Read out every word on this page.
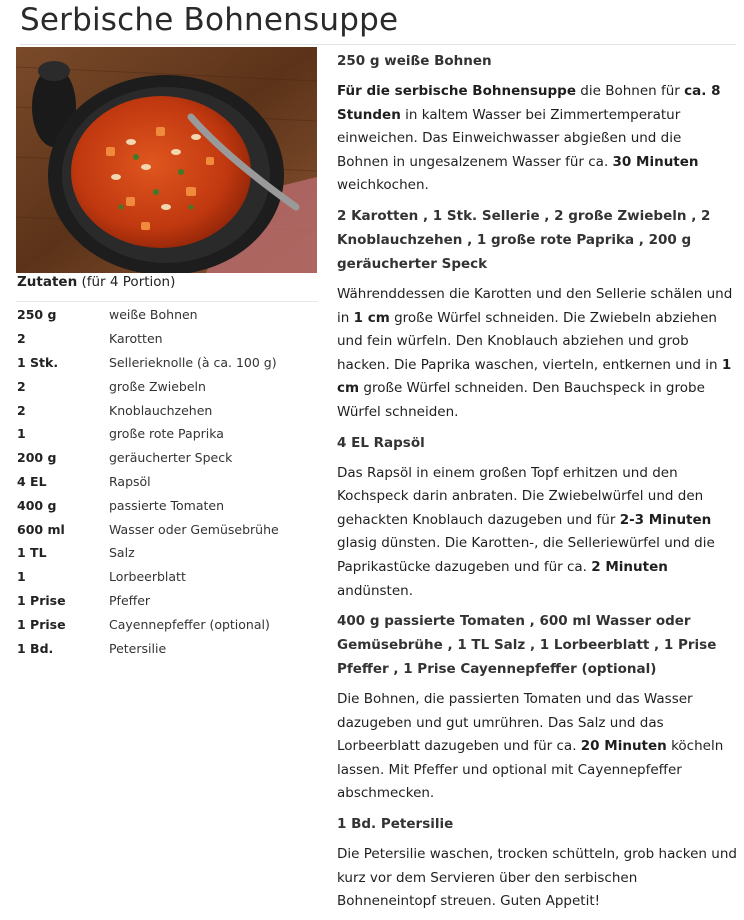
Serbische Bohnensuppe
Zutaten (für 4 Portion)
250 g	weiße Bohnen
2	Karotten
1 Stk.	Sellerieknolle (à ca. 100 g)
2	große Zwiebeln
2	Knoblauchzehen
1	große rote Paprika
200 g	geräucherter Speck
4 EL	Rapsöl
400 g	passierte Tomaten
600 ml	Wasser oder Gemüsebrühe
1 TL	Salz
1	Lorbeerblatt
1 Prise	Pfeffer
1 Prise	Cayennepfeffer (optional)
1 Bd.	Petersilie
250 g weiße Bohnen
Für die serbische Bohnensuppe die Bohnen für ca. 8 Stunden in kaltem Wasser bei Zimmertemperatur einweichen. Das Einweichwasser abgießen und die Bohnen in ungesalzenem Wasser für ca. 30 Minuten weichkochen.
2 Karotten , 1 Stk. Sellerie , 2 große Zwiebeln , 2 Knoblauchzehen , 1 große rote Paprika , 200 g geräucherter Speck
Währenddessen die Karotten und den Sellerie schälen und in 1 cm große Würfel schneiden. Die Zwiebeln abziehen und fein würfeln. Den Knoblauch abziehen und grob hacken. Die Paprika waschen, vierteln, entkernen und in 1 cm große Würfel schneiden. Den Bauchspeck in grobe Würfel schneiden.
4 EL Rapsöl
Das Rapsöl in einem großen Topf erhitzen und den Kochspeck darin anbraten. Die Zwiebelwürfel und den gehackten Knoblauch dazugeben und für 2-3 Minuten glasig dünsten. Die Karotten-, die Selleriewürfel und die Paprikastücke dazugeben und für ca. 2 Minuten andünsten.
400 g passierte Tomaten , 600 ml Wasser oder Gemüsebrühe , 1 TL Salz , 1 Lorbeerblatt , 1 Prise Pfeffer , 1 Prise Cayennepfeffer (optional)
Die Bohnen, die passierten Tomaten und das Wasser dazugeben und gut umrühren. Das Salz und das Lorbeerblatt dazugeben und für ca. 20 Minuten köcheln lassen. Mit Pfeffer und optional mit Cayennepfeffer abschmecken.
1 Bd. Petersilie
Die Petersilie waschen, trocken schütteln, grob hacken und kurz vor dem Servieren über den serbischen Bohneneintopf streuen. Guten Appetit!
